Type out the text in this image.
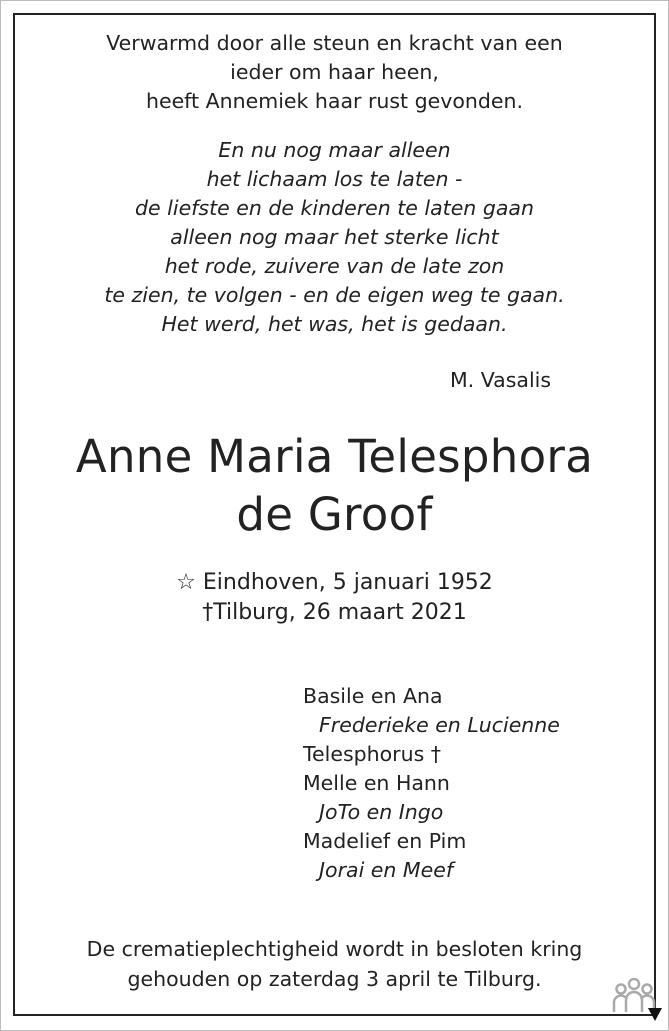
Verwarmd door alle steun en kracht van een
ieder om haar heen,
heeft Annemiek haar rust gevonden.
En nu nog maar alleen
het lichaam los te laten -
de liefste en de kinderen te laten gaan
alleen nog maar het sterke licht
het rode, zuivere van de late zon
te zien, te volgen - en de eigen weg te gaan.
Het werd, het was, het is gedaan.
M. Vasalis
Anne Maria Telesphora
de Groof
☆ Eindhoven, 5 januari 1952
†Tilburg, 26 maart 2021
Basile en Ana
Frederieke en Lucienne
Telesphorus †
Melle en Hann
JoTo en Ingo
Madelief en Pim
Jorai en Meef
De crematieplechtigheid wordt in besloten kring
gehouden op zaterdag 3 april te Tilburg.
